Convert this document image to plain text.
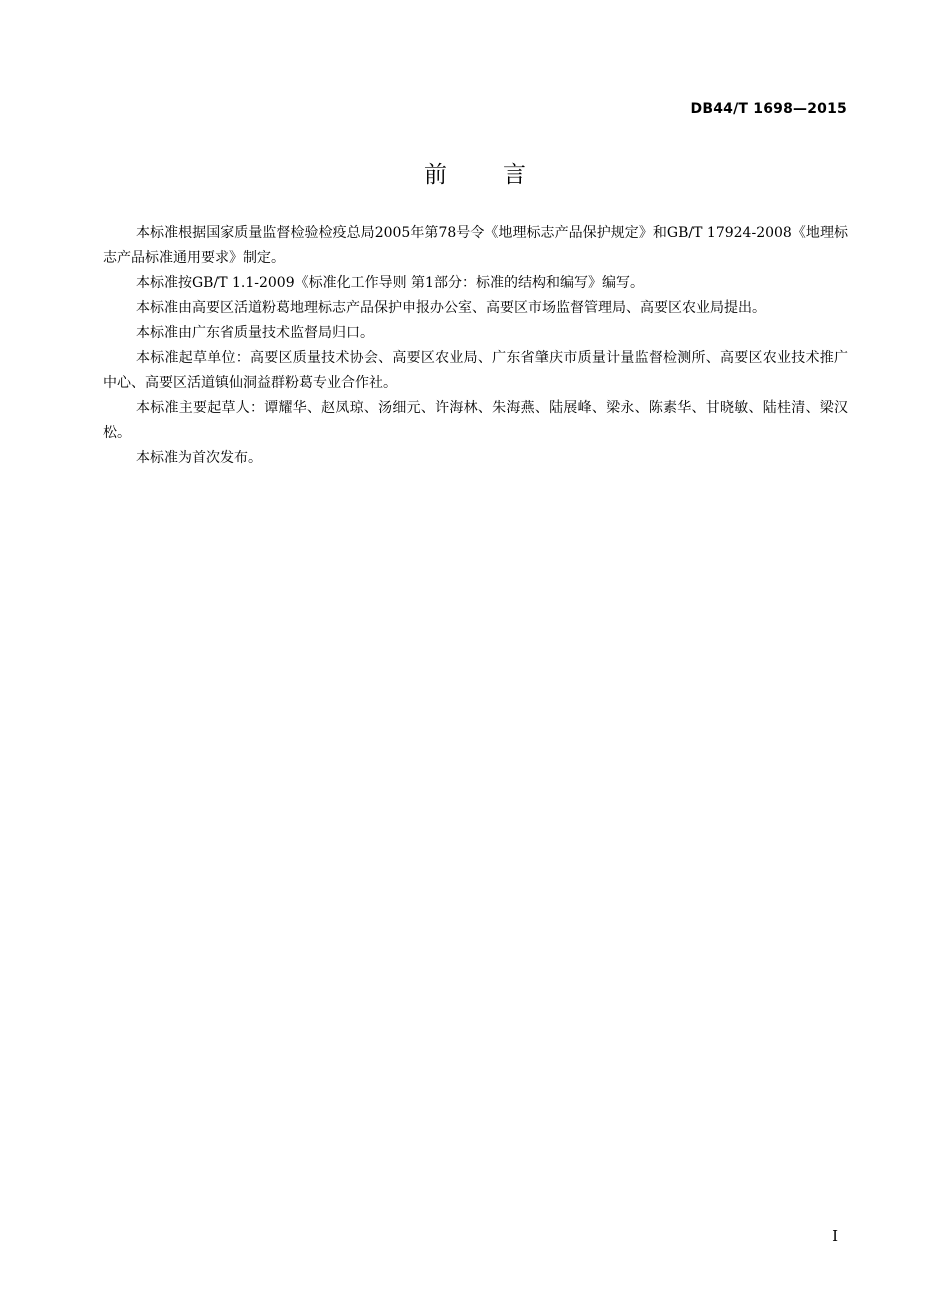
DB44/T 1698—2015
前言

本标准根据国家质量监督检验检疫总局2005年第78号令《地理标志产品保护规定》和GB/T 17924-2008《地理标志产品标准通用要求》制定。

本标准按GB/T 1.1-2009《标准化工作导则 第1部分：标准的结构和编写》编写。

本标准由高要区活道粉葛地理标志产品保护申报办公室、高要区市场监督管理局、高要区农业局提出。

本标准由广东省质量技术监督局归口。

本标准起草单位：高要区质量技术协会、高要区农业局、广东省肇庆市质量计量监督检测所、高要区农业技术推广中心、高要区活道镇仙洞益群粉葛专业合作社。

本标准主要起草人：谭耀华、赵凤琼、汤细元、许海林、朱海燕、陆展峰、梁永、陈素华、甘晓敏、陆桂清、梁汉松。

本标准为首次发布。

I
